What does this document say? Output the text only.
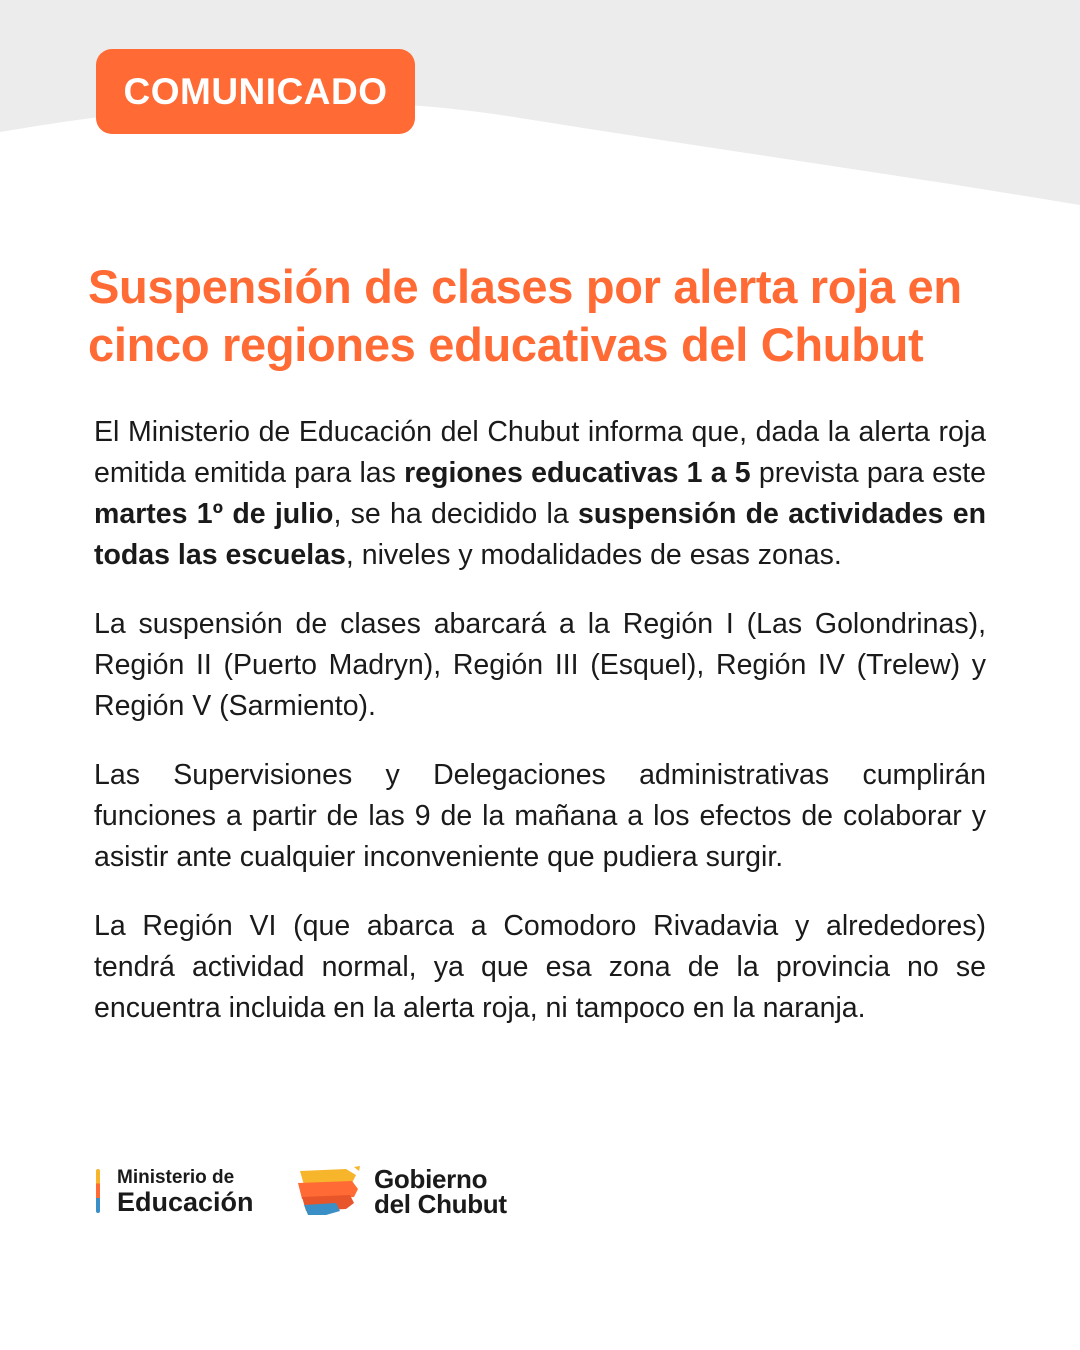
COMUNICADO
Suspensión de clases por alerta roja en
cinco regiones educativas del Chubut

El Ministerio de Educación del Chubut informa que, dada la alerta roja emitida emitida para las regiones educativas 1 a 5 prevista para este martes 1º de julio, se ha decidido la suspensión de actividades en todas las escuelas, niveles y modalidades de esas zonas.

La suspensión de clases abarcará a la Región I (Las Golondrinas), Región II (Puerto Madryn), Región III (Esquel), Región IV (Trelew) y Región V (Sarmiento).

Las Supervisiones y Delegaciones administrativas cumplirán funciones a partir de las 9 de la mañana a los efectos de colaborar y asistir ante cualquier inconveniente que pudiera surgir.

La Región VI (que abarca a Comodoro Rivadavia y alrededores) tendrá actividad normal, ya que esa zona de la provincia no se encuentra incluida en la alerta roja, ni tampoco en la naranja.

Ministerio de
Educación
Gobierno
del Chubut
